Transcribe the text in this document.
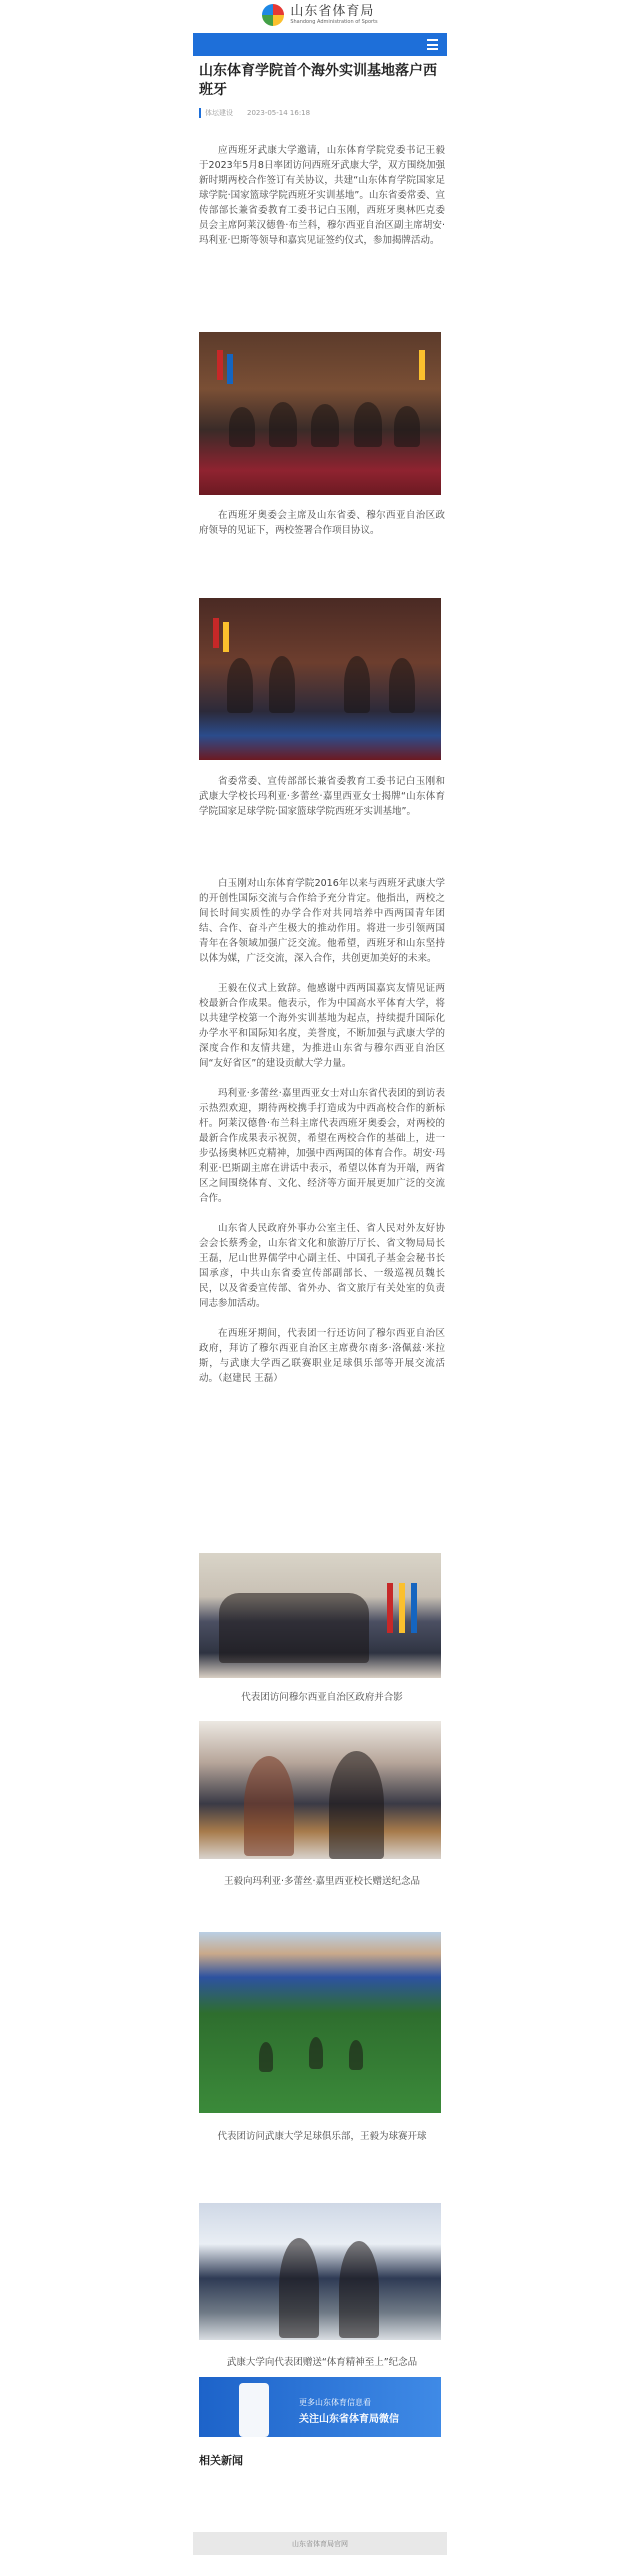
山东省体育局
Shandong Administration of Sports
山东体育学院首个海外实训基地落户西班牙
体坛建设 2023-05-14 16:18

应西班牙武康大学邀请，山东体育学院党委书记王毅于2023年5月8日率团访问西班牙武康大学，双方围绕加强新时期两校合作签订有关协议，共建“山东体育学院国家足球学院·国家篮球学院西班牙实训基地”。山东省委常委、宣传部部长兼省委教育工委书记白玉刚，西班牙奥林匹克委员会主席阿莱汉德鲁·布兰科，穆尔西亚自治区副主席胡安·玛利亚·巴斯等领导和嘉宾见证签约仪式，参加揭牌活动。

在西班牙奥委会主席及山东省委、穆尔西亚自治区政府领导的见证下，两校签署合作项目协议。

省委常委、宣传部部长兼省委教育工委书记白玉刚和武康大学校长玛利亚·多蕾丝·嘉里西亚女士揭牌“山东体育学院国家足球学院·国家篮球学院西班牙实训基地”。

白玉刚对山东体育学院2016年以来与西班牙武康大学的开创性国际交流与合作给予充分肯定。他指出，两校之间长时间实质性的办学合作对共同培养中西两国青年团结、合作、奋斗产生极大的推动作用。将进一步引领两国青年在各领域加强广泛交流。他希望，西班牙和山东坚持以体为媒，广泛交流，深入合作，共创更加美好的未来。

王毅在仪式上致辞。他感谢中西两国嘉宾友情见证两校最新合作成果。他表示，作为中国高水平体育大学，将以共建学校第一个海外实训基地为起点，持续提升国际化办学水平和国际知名度，美誉度，不断加强与武康大学的深度合作和友情共建，为推进山东省与穆尔西亚自治区间“友好省区”的建设贡献大学力量。

玛利亚·多蕾丝·嘉里西亚女士对山东省代表团的到访表示热烈欢迎，期待两校携手打造成为中西高校合作的新标杆。阿莱汉德鲁·布兰科主席代表西班牙奥委会，对两校的最新合作成果表示祝贺，希望在两校合作的基础上，进一步弘扬奥林匹克精神，加强中西两国的体育合作。胡安·玛利亚·巴斯副主席在讲话中表示，希望以体育为开端，两省区之间围绕体育、文化、经济等方面开展更加广泛的交流合作。

山东省人民政府外事办公室主任、省人民对外友好协会会长蔡秀金，山东省文化和旅游厅厅长、省文物局局长王磊，尼山世界儒学中心副主任、中国孔子基金会秘书长国承彦，中共山东省委宣传部副部长、一级巡视员魏长民，以及省委宣传部、省外办、省文旅厅有关处室的负责同志参加活动。

在西班牙期间，代表团一行还访问了穆尔西亚自治区政府，拜访了穆尔西亚自治区主席费尔南多·洛佩兹·米拉斯，与武康大学西乙联赛职业足球俱乐部等开展交流活动。（赵建民 王磊）

代表团访问穆尔西亚自治区政府并合影

王毅向玛利亚·多蕾丝·嘉里西亚校长赠送纪念品

代表团访问武康大学足球俱乐部，王毅为球赛开球

武康大学向代表团赠送“体育精神至上”纪念品

更多山东体育信息看
关注山东省体育局微信
相关新闻
山东省体育局官网
